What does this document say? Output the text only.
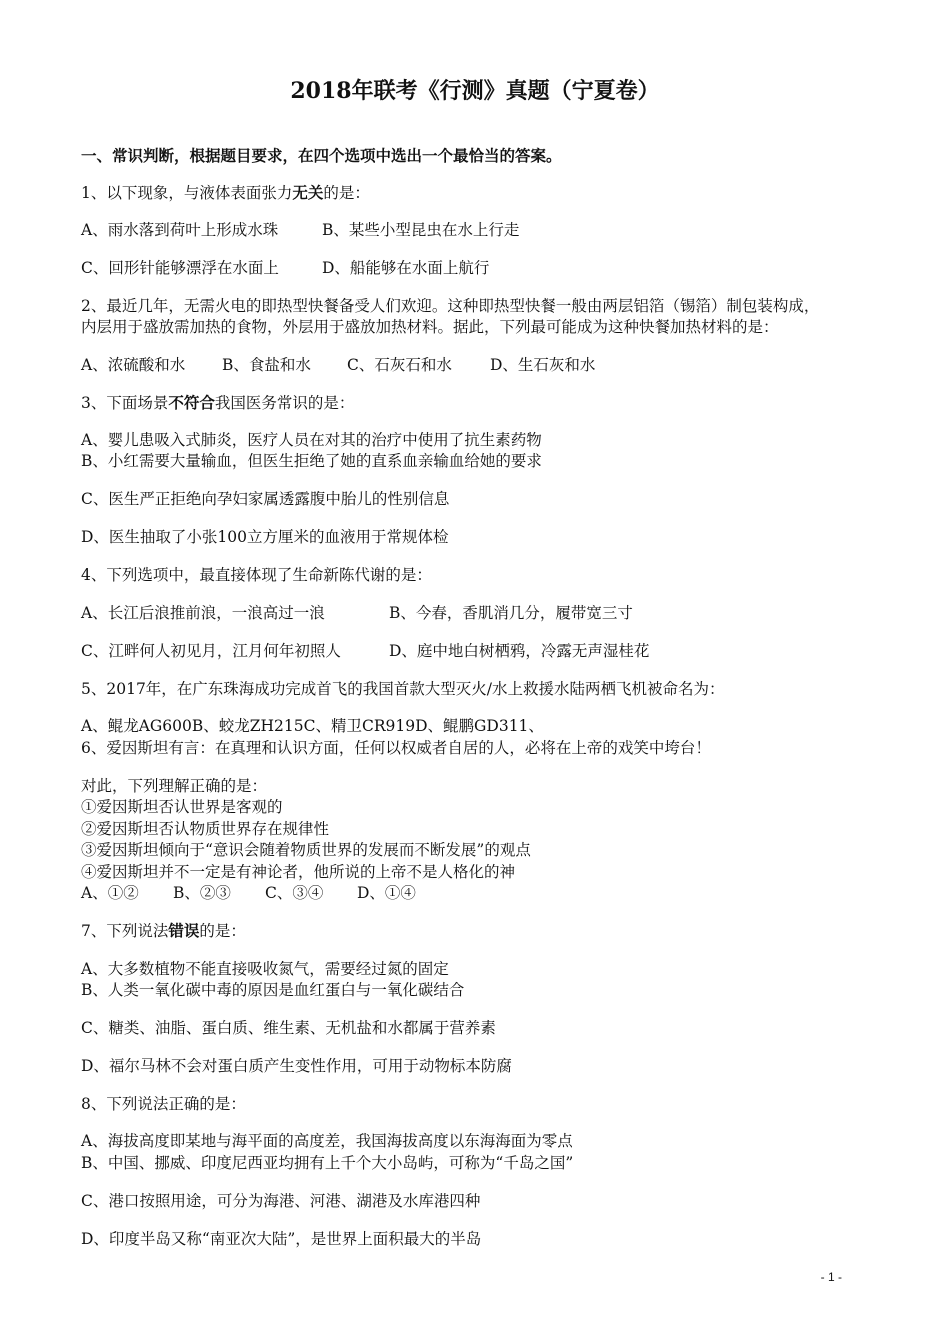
2018年联考《行测》真题（宁夏卷）
一、常识判断，根据题目要求，在四个选项中选出一个最恰当的答案。
1、以下现象，与液体表面张力无关的是：
A、雨水落到荷叶上形成水珠	B、某些小型昆虫在水上行走
C、回形针能够漂浮在水面上	D、船能够在水面上航行
2、最近几年，无需火电的即热型快餐备受人们欢迎。这种即热型快餐一般由两层铝箔（锡箔）制包装构成，
内层用于盛放需加热的食物，外层用于盛放加热材料。据此，下列最可能成为这种快餐加热材料的是：
A、浓硫酸和水 B、食盐和水 C、石灰石和水 D、生石灰和水
3、下面场景不符合我国医务常识的是：
A、婴儿患吸入式肺炎，医疗人员在对其的治疗中使用了抗生素药物
B、小红需要大量输血，但医生拒绝了她的直系血亲输血给她的要求
C、医生严正拒绝向孕妇家属透露腹中胎儿的性别信息
D、医生抽取了小张100立方厘米的血液用于常规体检
4、下列选项中，最直接体现了生命新陈代谢的是：
A、长江后浪推前浪，一浪高过一浪	B、今春，香肌消几分，履带宽三寸
C、江畔何人初见月，江月何年初照人	D、庭中地白树栖鸦，冷露无声湿桂花
5、2017年，在广东珠海成功完成首飞的我国首款大型灭火/水上救援水陆两栖飞机被命名为：
A、鲲龙AG600B、蛟龙ZH215C、精卫CR919D、鲲鹏GD311、
6、爱因斯坦有言：在真理和认识方面，任何以权威者自居的人，必将在上帝的戏笑中垮台！
对此，下列理解正确的是：
①爱因斯坦否认世界是客观的
②爱因斯坦否认物质世界存在规律性
③爱因斯坦倾向于“意识会随着物质世界的发展而不断发展”的观点
④爱因斯坦并不一定是有神论者，他所说的上帝不是人格化的神
A、①② B、②③ C、③④ D、①④
7、下列说法错误的是：
A、大多数植物不能直接吸收氮气，需要经过氮的固定
B、人类一氧化碳中毒的原因是血红蛋白与一氧化碳结合
C、糖类、油脂、蛋白质、维生素、无机盐和水都属于营养素
D、福尔马林不会对蛋白质产生变性作用，可用于动物标本防腐
8、下列说法正确的是：
A、海拔高度即某地与海平面的高度差，我国海拔高度以东海海面为零点
B、中国、挪威、印度尼西亚均拥有上千个大小岛屿，可称为“千岛之国”
C、港口按照用途，可分为海港、河港、湖港及水库港四种
D、印度半岛又称“南亚次大陆”，是世界上面积最大的半岛
- 1 -
